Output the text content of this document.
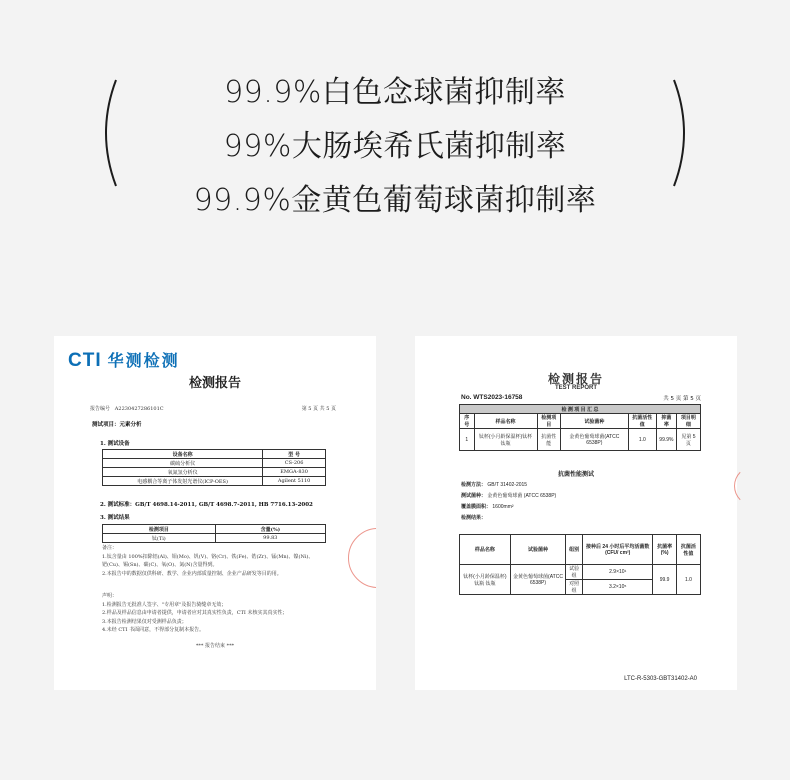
99.9%白色念球菌抑制率
99%大肠埃希氏菌抑制率
99.9%金黄色葡萄球菌抑制率
CTI 华测检测
检测报告
报告编号 A2230427286101C	第 5 页 共 5 页
测试项目：元素分析
1. 测试设备
设备名称	型 号
碳硫分析仪	CS-206
氧氮氢分析仪	EMGA-830
电感耦合等离子体发射光谱仪(ICP-OES)	Agilent 5110
2. 测试标准：GB/T 4698.14-2011, GB/T 4698.7-2011, HB 7716.13-2002
3. 测试结果
检测项目	含量(%)
钛(Ti)	99.83
备注：
1.钛含量由 100%扣除铝(Al)、钼(Mo)、钒(V)、铬(Cr)、铁(Fe)、锆(Zr)、锰(Mn)、镍(Ni)、
钯(Cu)、锡(Sn)、碳(C)、氧(O)、氮(N)含量得到。
2.本报告中的数据仅供科研、教学、企业内部质量控制、企业产品研发等目的用。
声明：
1.检测报告无批准人签字、"专用章"及报告骑缝章无效；
2.样品及样品信息由申请者提供，申请者应对其真实性负责，CTI 未核实其真实性；
3.本报告检测结果仅对受测样品负责；
4.未经 CTI 书面同意，不得部分复制本报告。
*** 报告结束 ***
检测报告
TEST REPORT
No. WTS2023-16758	共 5 页 第 5 页
检 测 项 目 汇 总						
序号	样品名称	检测项目	试验菌种	抗菌活性值	抑菌率	项目明细
1	钛杯(小月龄保温杯)钛杯钛瓶	抗菌性能	金黄色葡萄球菌(ATCC 6538P)	1.0	99.9%	见第 5 页
抗菌性能测试
检测方法： GB/T 31402-2015
测试菌种： 金黄色葡萄球菌 (ATCC 6538P)
覆盖膜面积： 1600mm²
检测结果：
样品名称	试验菌种	组别	接种后 24 小时后平均活菌数(CFU/ cm²)	抗菌率(%)	抗菌活性值
钛杯(小月龄保温杯)钛瓶 钛瓶	金黄色葡萄球菌(ATCC 6538P)	试验组	2.9×10¹	99.9	1.0
		对照组	3.2×10⁵		
LTC-R-5303-GBT31402-A0
